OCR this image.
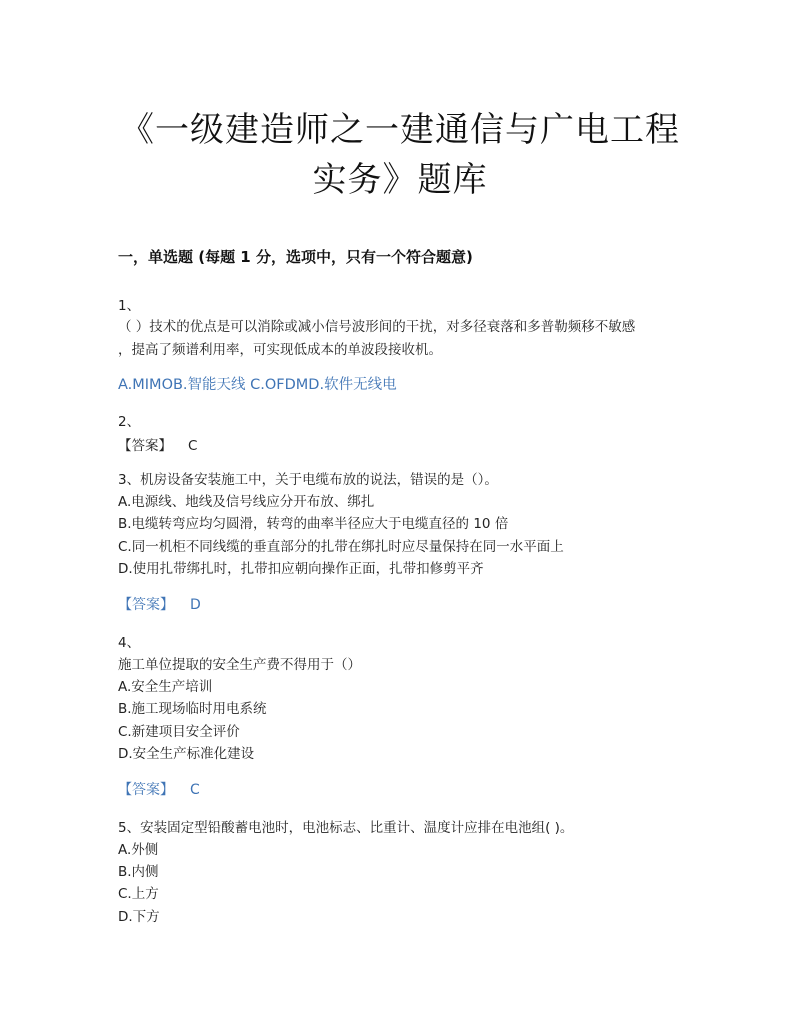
《一级建造师之一建通信与广电工程
实务》题库
一，单选题 (每题 1 分，选项中，只有一个符合题意)
1、
（ ）技术的优点是可以消除或减小信号波形间的干扰，对多径衰落和多普勒频移不敏感
，提高了频谱利用率，可实现低成本的单波段接收机。
A.MIMOB.智能天线 C.OFDMD.软件无线电
2、
【答案】 C
3、机房设备安装施工中，关于电缆布放的说法，错误的是（）。
A.电源线、地线及信号线应分开布放、绑扎
B.电缆转弯应均匀圆滑，转弯的曲率半径应大于电缆直径的 10 倍
C.同一机柜不同线缆的垂直部分的扎带在绑扎时应尽量保持在同一水平面上
D.使用扎带绑扎时，扎带扣应朝向操作正面，扎带扣修剪平齐
【答案】 D
4、
施工单位提取的安全生产费不得用于（）
A.安全生产培训
B.施工现场临时用电系统
C.新建项目安全评价
D.安全生产标准化建设
【答案】 C
5、安装固定型铅酸蓄电池时，电池标志、比重计、温度计应排在电池组( )。
A.外侧
B.内侧
C.上方
D.下方
